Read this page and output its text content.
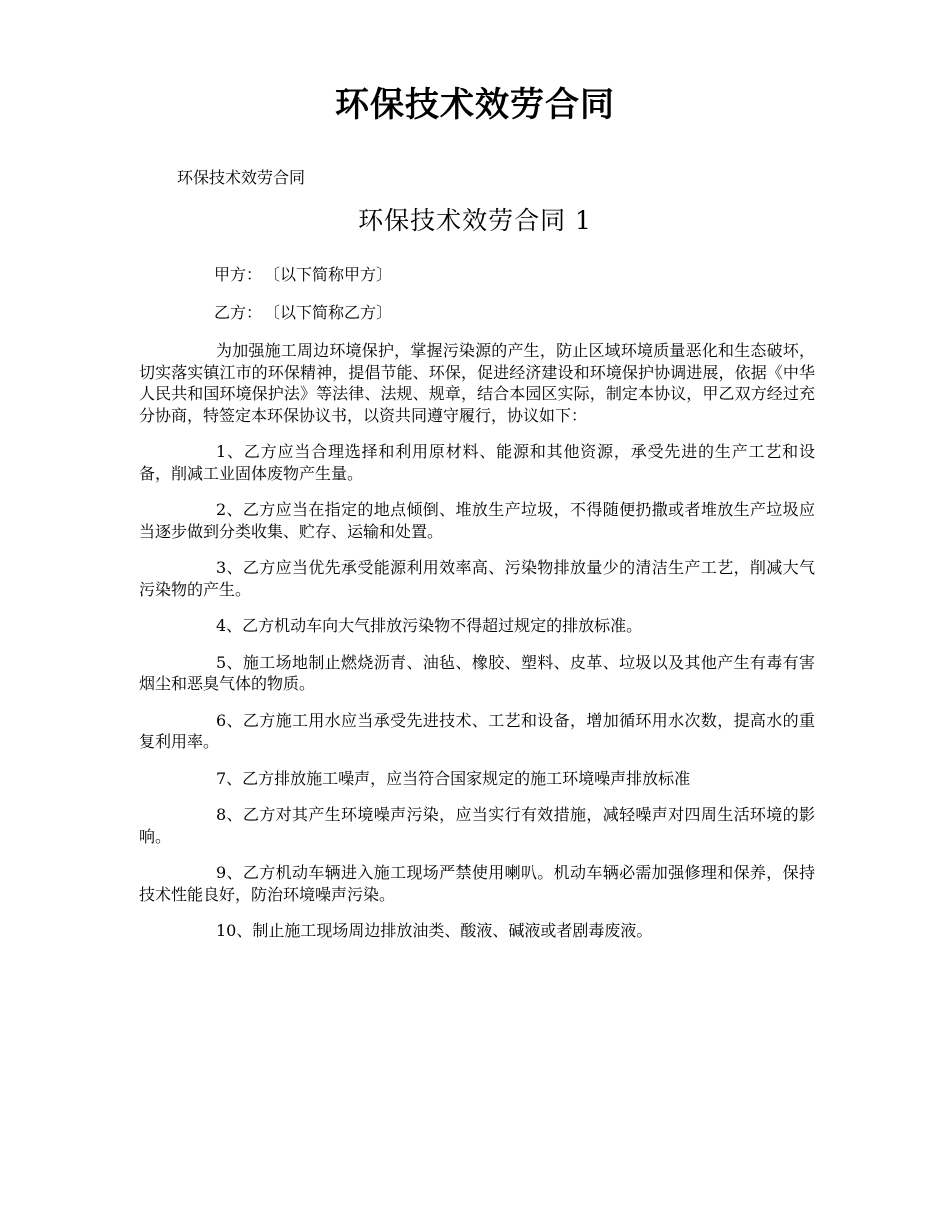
环保技术效劳合同
环保技术效劳合同
环保技术效劳合同 1
甲方： 〔以下简称甲方〕
乙方： 〔以下简称乙方〕

为加强施工周边环境保护，掌握污染源的产生，防止区域环境质量恶化和生态破坏，切实落实镇江市的环保精神，提倡节能、环保，促进经济建设和环境保护协调进展，依据《中华人民共和国环境保护法》等法律、法规、规章，结合本园区实际，制定本协议，甲乙双方经过充分协商，特签定本环保协议书，以资共同遵守履行，协议如下：

1、乙方应当合理选择和利用原材料、能源和其他资源，承受先进的生产工艺和设备，削减工业固体废物产生量。

2、乙方应当在指定的地点倾倒、堆放生产垃圾，不得随便扔撒或者堆放生产垃圾应当逐步做到分类收集、贮存、运输和处置。

3、乙方应当优先承受能源利用效率高、污染物排放量少的清洁生产工艺，削减大气污染物的产生。

4、乙方机动车向大气排放污染物不得超过规定的排放标准。

5、施工场地制止燃烧沥青、油毡、橡胶、塑料、皮革、垃圾以及其他产生有毒有害烟尘和恶臭气体的物质。

6、乙方施工用水应当承受先进技术、工艺和设备，增加循环用水次数，提高水的重复利用率。

7、乙方排放施工噪声，应当符合国家规定的施工环境噪声排放标准

8、乙方对其产生环境噪声污染，应当实行有效措施，减轻噪声对四周生活环境的影响。

9、乙方机动车辆进入施工现场严禁使用喇叭。机动车辆必需加强修理和保养，保持技术性能良好，防治环境噪声污染。

10、制止施工现场周边排放油类、酸液、碱液或者剧毒废液。
